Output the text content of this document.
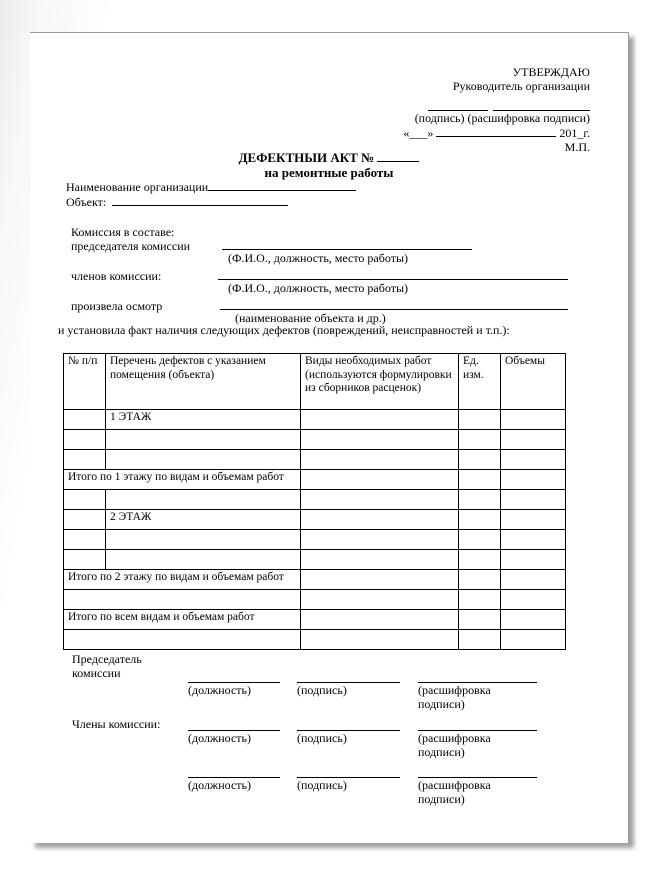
УТВЕРЖДАЮ
Руководитель организации
(подпись) (расшифровка подписи)
«___»	201_г.
М.П.
ДЕФЕКТНЫИ АКТ №
на ремонтные работы
Наименование организации
Объект:
Комиссия в составе:
председателя комиссии
(Ф.И.О., должность, место работы)
членов комиссии:
(Ф.И.О., должность, место работы)
произвела осмотр
(наименование объекта и др.)
и установила факт наличия следующих дефектов (повреждений, неисправностей и т.п.):
№ п/п	Перечень дефектов с указанием помещения (объекта)	Виды необходимых работ (используются формулировки из сборников расценок)	Ед. изм.	Объемы
	1 ЭТАЖ			

Итого по 1 этажу по видам и объемам работ				

	2 ЭТАЖ			

Итого по 2 этажу по видам и объемам работ				

Итого по всем видам и объемам работ				

Председатель комиссии
(должность)	(подпись)	(расшифровка подписи)
Члены комиссии:
(должность)	(подпись)	(расшифровка подписи)
(должность)	(подпись)	(расшифровка подписи)
